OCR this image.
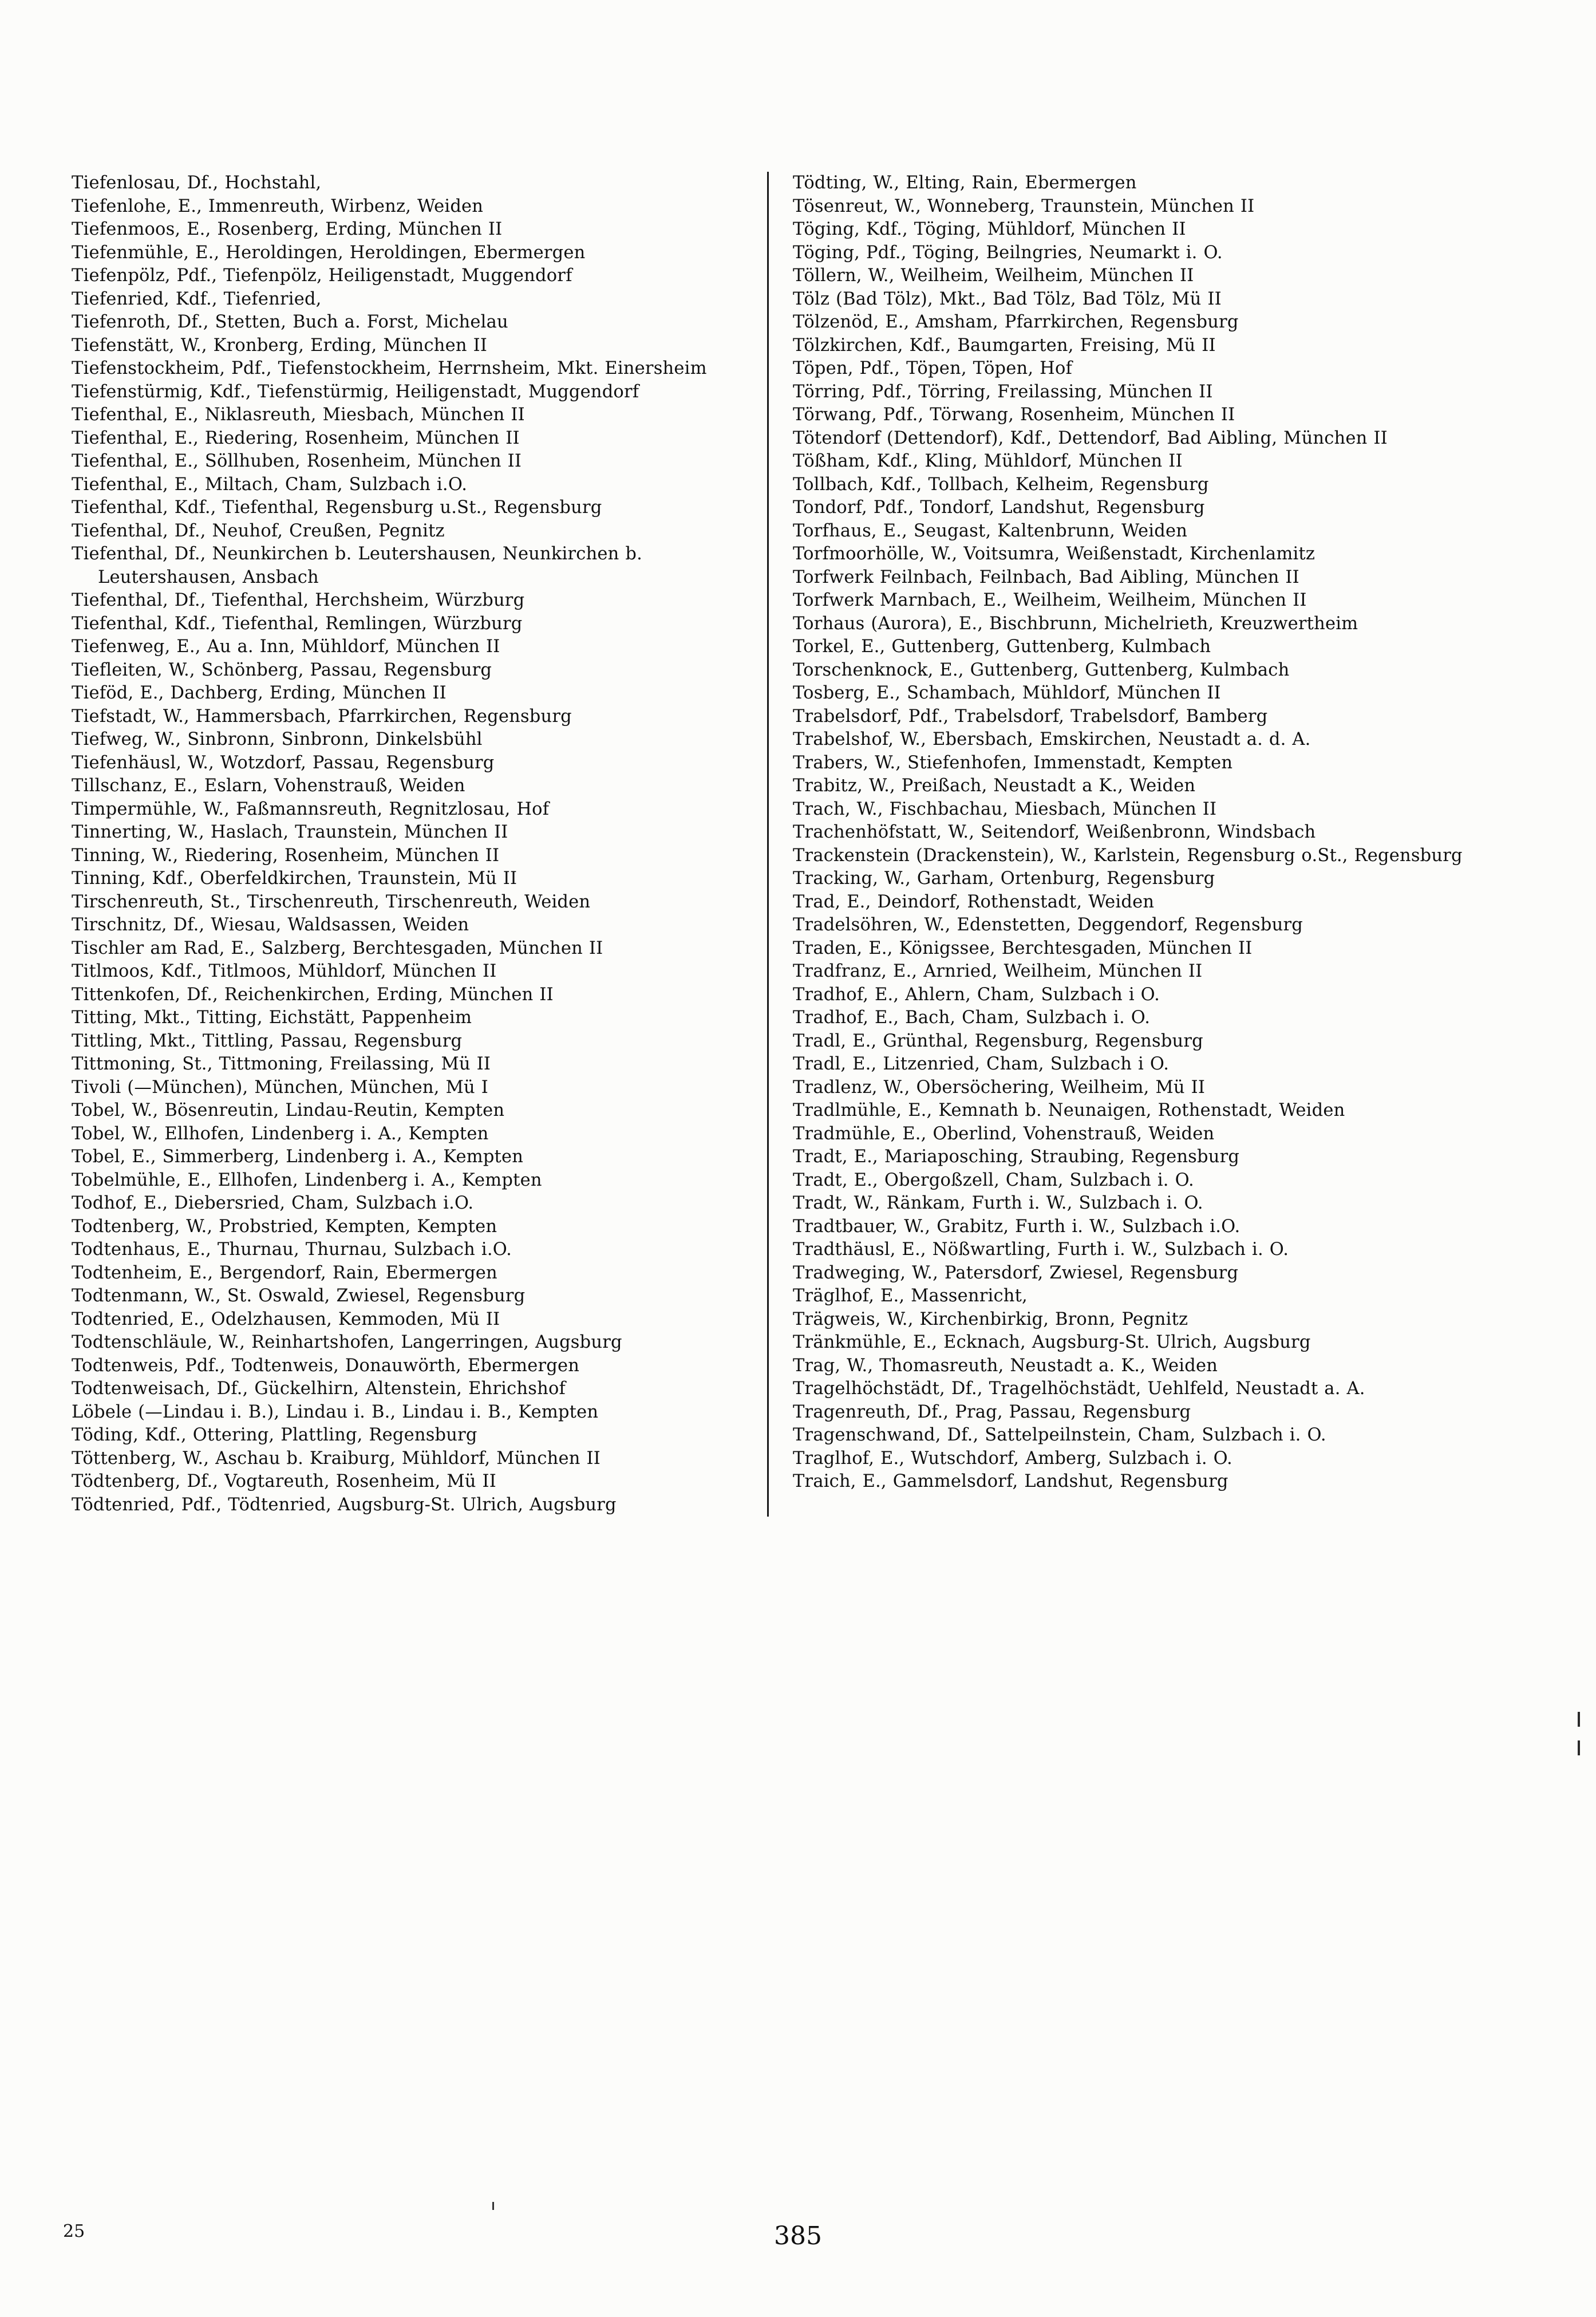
Tiefenlosau, Df., Hochstahl,

Tiefenlohe, E., Immenreuth, Wirbenz, Weiden

Tiefenmoos, E., Rosenberg, Erding, München II

Tiefenmühle, E., Heroldingen, Heroldingen, Ebermergen

Tiefenpölz, Pdf., Tiefenpölz, Heiligenstadt, Muggendorf

Tiefenried, Kdf., Tiefenried,

Tiefenroth, Df., Stetten, Buch a. Forst, Michelau

Tiefenstätt, W., Kronberg, Erding, München II

Tiefenstockheim, Pdf., Tiefenstockheim, Herrnsheim, Mkt. Einersheim

Tiefenstürmig, Kdf., Tiefenstürmig, Heiligenstadt, Muggendorf

Tiefenthal, E., Niklasreuth, Miesbach, München II

Tiefenthal, E., Riedering, Rosenheim, München II

Tiefenthal, E., Söllhuben, Rosenheim, München II

Tiefenthal, E., Miltach, Cham, Sulzbach i.O.

Tiefenthal, Kdf., Tiefenthal, Regensburg u.St., Regensburg

Tiefenthal, Df., Neuhof, Creußen, Pegnitz

Tiefenthal, Df., Neunkirchen b. Leutershausen, Neunkirchen b. Leutershausen, Ansbach

Tiefenthal, Df., Tiefenthal, Herchsheim, Würzburg

Tiefenthal, Kdf., Tiefenthal, Remlingen, Würzburg

Tiefenweg, E., Au a. Inn, Mühldorf, München II

Tiefleiten, W., Schönberg, Passau, Regensburg

Tieföd, E., Dachberg, Erding, München II

Tiefstadt, W., Hammersbach, Pfarrkirchen, Regensburg

Tiefweg, W., Sinbronn, Sinbronn, Dinkelsbühl

Tiefenhäusl, W., Wotzdorf, Passau, Regensburg

Tillschanz, E., Eslarn, Vohenstrauß, Weiden

Timpermühle, W., Faßmannsreuth, Regnitzlosau, Hof

Tinnerting, W., Haslach, Traunstein, München II

Tinning, W., Riedering, Rosenheim, München II

Tinning, Kdf., Oberfeldkirchen, Traunstein, Mü II

Tirschenreuth, St., Tirschenreuth, Tirschenreuth, Weiden

Tirschnitz, Df., Wiesau, Waldsassen, Weiden

Tischler am Rad, E., Salzberg, Berchtesgaden, München II

Titlmoos, Kdf., Titlmoos, Mühldorf, München II

Tittenkofen, Df., Reichenkirchen, Erding, München II

Titting, Mkt., Titting, Eichstätt, Pappenheim

Tittling, Mkt., Tittling, Passau, Regensburg

Tittmoning, St., Tittmoning, Freilassing, Mü II

Tivoli (—München), München, München, Mü I

Tobel, W., Bösenreutin, Lindau-Reutin, Kempten

Tobel, W., Ellhofen, Lindenberg i. A., Kempten

Tobel, E., Simmerberg, Lindenberg i. A., Kempten

Tobelmühle, E., Ellhofen, Lindenberg i. A., Kempten

Todhof, E., Diebersried, Cham, Sulzbach i.O.

Todtenberg, W., Probstried, Kempten, Kempten

Todtenhaus, E., Thurnau, Thurnau, Sulzbach i.O.

Todtenheim, E., Bergendorf, Rain, Ebermergen

Todtenmann, W., St. Oswald, Zwiesel, Regensburg

Todtenried, E., Odelzhausen, Kemmoden, Mü II

Todtenschläule, W., Reinhartshofen, Langerringen, Augsburg

Todtenweis, Pdf., Todtenweis, Donauwörth, Ebermergen

Todtenweisach, Df., Gückelhirn, Altenstein, Ehrichshof

Löbele (—Lindau i. B.), Lindau i. B., Lindau i. B., Kempten

Töding, Kdf., Ottering, Plattling, Regensburg

Töttenberg, W., Aschau b. Kraiburg, Mühldorf, München II

Tödtenberg, Df., Vogtareuth, Rosenheim, Mü II

Tödtenried, Pdf., Tödtenried, Augsburg-St. Ulrich, Augsburg

Tödting, W., Elting, Rain, Ebermergen

Tösenreut, W., Wonneberg, Traunstein, München II

Töging, Kdf., Töging, Mühldorf, München II

Töging, Pdf., Töging, Beilngries, Neumarkt i. O.

Töllern, W., Weilheim, Weilheim, München II

Tölz (Bad Tölz), Mkt., Bad Tölz, Bad Tölz, Mü II

Tölzenöd, E., Amsham, Pfarrkirchen, Regensburg

Tölzkirchen, Kdf., Baumgarten, Freising, Mü II

Töpen, Pdf., Töpen, Töpen, Hof

Törring, Pdf., Törring, Freilassing, München II

Törwang, Pdf., Törwang, Rosenheim, München II

Tötendorf (Dettendorf), Kdf., Dettendorf, Bad Aibling, München II

Tößham, Kdf., Kling, Mühldorf, München II

Tollbach, Kdf., Tollbach, Kelheim, Regensburg

Tondorf, Pdf., Tondorf, Landshut, Regensburg

Torfhaus, E., Seugast, Kaltenbrunn, Weiden

Torfmoorhölle, W., Voitsumra, Weißenstadt, Kirchenlamitz

Torfwerk Feilnbach, Feilnbach, Bad Aibling, München II

Torfwerk Marnbach, E., Weilheim, Weilheim, München II

Torhaus (Aurora), E., Bischbrunn, Michelrieth, Kreuzwertheim

Torkel, E., Guttenberg, Guttenberg, Kulmbach

Torschenknock, E., Guttenberg, Guttenberg, Kulmbach

Tosberg, E., Schambach, Mühldorf, München II

Trabelsdorf, Pdf., Trabelsdorf, Trabelsdorf, Bamberg

Trabelshof, W., Ebersbach, Emskirchen, Neustadt a. d. A.

Trabers, W., Stiefenhofen, Immenstadt, Kempten

Trabitz, W., Preißach, Neustadt a K., Weiden

Trach, W., Fischbachau, Miesbach, München II

Trachenhöfstatt, W., Seitendorf, Weißenbronn, Windsbach

Trackenstein (Drackenstein), W., Karlstein, Regensburg o.St., Regensburg

Tracking, W., Garham, Ortenburg, Regensburg

Trad, E., Deindorf, Rothenstadt, Weiden

Tradelsöhren, W., Edenstetten, Deggendorf, Regensburg

Traden, E., Königssee, Berchtesgaden, München II

Tradfranz, E., Arnried, Weilheim, München II

Tradhof, E., Ahlern, Cham, Sulzbach i O.

Tradhof, E., Bach, Cham, Sulzbach i. O.

Tradl, E., Grünthal, Regensburg, Regensburg

Tradl, E., Litzenried, Cham, Sulzbach i O.

Tradlenz, W., Obersöchering, Weilheim, Mü II

Tradlmühle, E., Kemnath b. Neunaigen, Rothenstadt, Weiden

Tradmühle, E., Oberlind, Vohenstrauß, Weiden

Tradt, E., Mariaposching, Straubing, Regensburg

Tradt, E., Obergoßzell, Cham, Sulzbach i. O.

Tradt, W., Ränkam, Furth i. W., Sulzbach i. O.

Tradtbauer, W., Grabitz, Furth i. W., Sulzbach i.O.

Tradthäusl, E., Nößwartling, Furth i. W., Sulzbach i. O.

Tradweging, W., Patersdorf, Zwiesel, Regensburg

Träglhof, E., Massenricht,

Trägweis, W., Kirchenbirkig, Bronn, Pegnitz

Tränkmühle, E., Ecknach, Augsburg-St. Ulrich, Augsburg

Trag, W., Thomasreuth, Neustadt a. K., Weiden

Tragelhöchstädt, Df., Tragelhöchstädt, Uehlfeld, Neustadt a. A.

Tragenreuth, Df., Prag, Passau, Regensburg

Tragenschwand, Df., Sattelpeilnstein, Cham, Sulzbach i. O.

Traglhof, E., Wutschdorf, Amberg, Sulzbach i. O.

Traich, E., Gammelsdorf, Landshut, Regensburg

25	385
